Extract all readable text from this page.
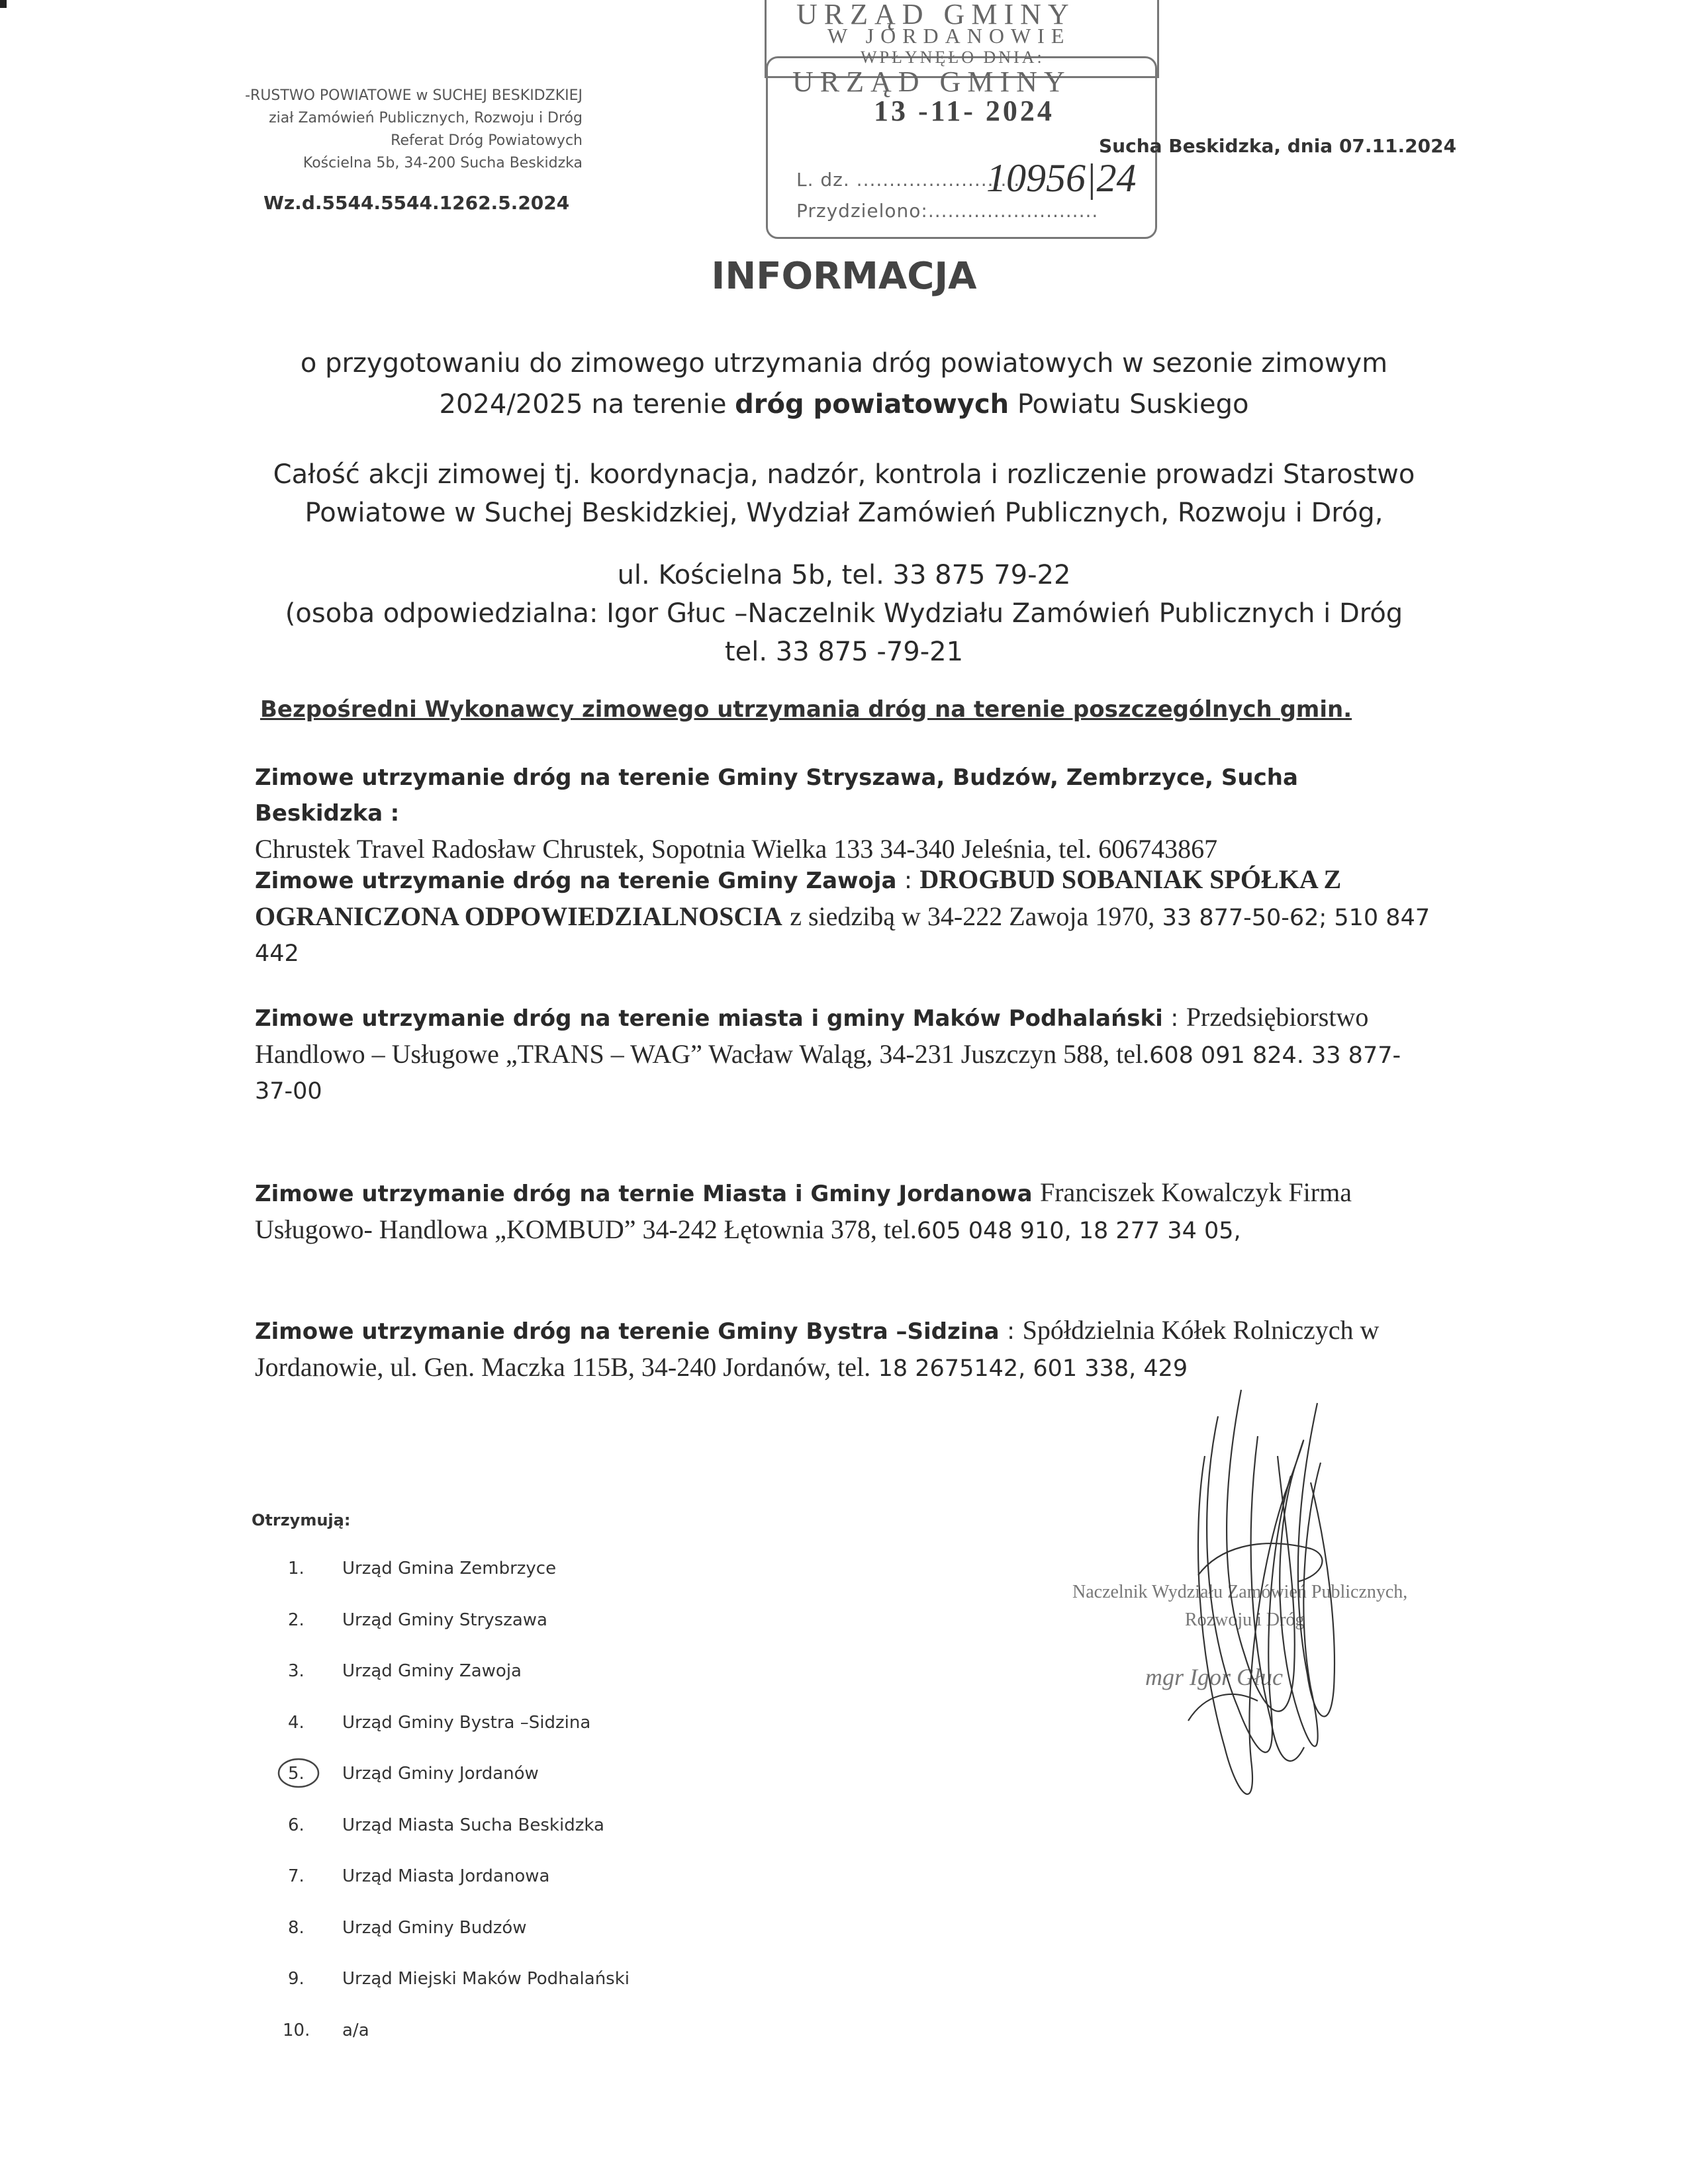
-RUSTWO POWIATOWE w SUCHEJ BESKIDZKIEJ
ział Zamówień Publicznych, Rozwoju i Dróg
Referat Dróg Powiatowych
Kościelna 5b, 34-200 Sucha Beskidzka
Wz.d.5544.5544.1262.5.2024
URZĄD GMINY
W JORDANOWIE
WPŁYNĘŁO DNIA:
URZĄD GMINY
13 -11- 2024
L. dz. .........................
10956|24
Przydzielono:..........................
Sucha Beskidzka, dnia 07.11.2024
INFORMACJA
o przygotowaniu do zimowego utrzymania dróg powiatowych w sezonie zimowym
2024/2025 na terenie dróg powiatowych Powiatu Suskiego
Całość akcji zimowej tj. koordynacja, nadzór, kontrola i rozliczenie prowadzi Starostwo
Powiatowe w Suchej Beskidzkiej, Wydział Zamówień Publicznych, Rozwoju i Dróg,
ul. Kościelna 5b, tel. 33 875 79-22
(osoba odpowiedzialna: Igor Głuc –Naczelnik Wydziału Zamówień Publicznych i Dróg
tel. 33 875 -79-21
Bezpośredni Wykonawcy zimowego utrzymania dróg na terenie poszczególnych gmin.
Zimowe utrzymanie dróg na terenie Gminy Stryszawa, Budzów, Zembrzyce, Sucha Beskidzka :
Chrustek Travel Radosław Chrustek, Sopotnia Wielka 133 34-340 Jeleśnia, tel. 606743867
Zimowe utrzymanie dróg na terenie Gminy Zawoja : DROGBUD SOBANIAK SPÓŁKA Z OGRANICZONA ODPOWIEDZIALNOSCIA z siedzibą w 34-222 Zawoja 1970, 33 877-50-62; 510 847 442
Zimowe utrzymanie dróg na terenie miasta i gminy Maków Podhalański : Przedsiębiorstwo Handlowo – Usługowe „TRANS – WAG” Wacław Waląg, 34-231 Juszczyn 588, tel.608 091 824. 33 877-37-00
Zimowe utrzymanie dróg na ternie Miasta i Gminy Jordanowa Franciszek Kowalczyk Firma Usługowo- Handlowa „KOMBUD” 34-242 Łętownia 378, tel.605 048 910, 18 277 34 05,
Zimowe utrzymanie dróg na terenie Gminy Bystra –Sidzina : Spółdzielnia Kółek Rolniczych w Jordanowie, ul. Gen. Maczka 115B, 34-240 Jordanów, tel. 18 2675142, 601 338, 429
Otrzymują:
1.	Urząd Gmina Zembrzyce
2.	Urząd Gminy Stryszawa
3.	Urząd Gminy Zawoja
4.	Urząd Gminy Bystra –Sidzina
5.	Urząd Gminy Jordanów
6.	Urząd Miasta Sucha Beskidzka
7.	Urząd Miasta Jordanowa
8.	Urząd Gminy Budzów
9.	Urząd Miejski Maków Podhalański
10.	a/a
Naczelnik Wydziału Zamówień Publicznych,
Rozwoju i Dróg
mgr Igor Głuc
